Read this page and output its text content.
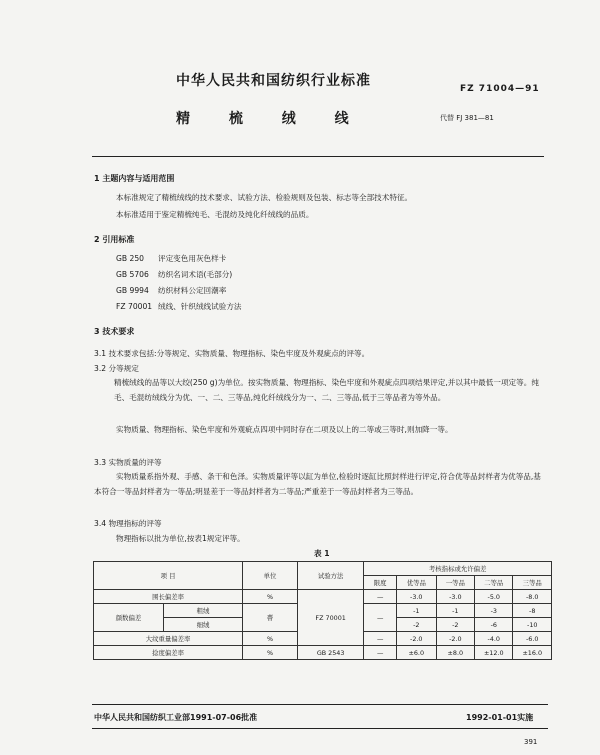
中华人民共和国纺织行业标准	FZ 71004—91
精 梳 绒 线	代替 FJ 381—81
1 主题内容与适用范围
本标准规定了精梳绒线的技术要求、试验方法、检验规则及包装、标志等全部技术特征。
本标准适用于鉴定精梳纯毛、毛混纺及纯化纤绒线的品质。
2 引用标准
GB 250 评定变色用灰色样卡
GB 5706 纺织名词术语(毛部分)
GB 9994 纺织材料公定回潮率
FZ 70001 绒线、针织绒线试验方法
3 技术要求
3.1 技术要求包括:分等规定、实物质量、物理指标、染色牢度及外观疵点的评等。
3.2 分等规定
精梳绒线的品等以大绞(250 g)为单位。按实物质量、物理指标、染色牢度和外观疵点四项结果评定,并以其中最低一项定等。纯毛、毛混纺绒线分为优、一、二、三等品,纯化纤绒线分为一、二、三等品,低于三等品者为等外品。
实物质量、物理指标、染色牢度和外观疵点四项中同时存在二项及以上的二等或三等时,则加降一等。
3.3 实物质量的评等
实物质量系指外观、手感、条干和色泽。实物质量评等以缸为单位,检验时逐缸比照封样进行评定,符合优等品封样者为优等品,基本符合一等品封样者为一等品;明显差于一等品封样者为二等品;严重差于一等品封样者为三等品。
3.4 物理指标的评等
物理指标以批为单位,按表1规定评等。
表 1
项 目		单位	试验方法	考核指标或允许偏差				
				限度	优等品	一等品	二等品	三等品
围长偏差率		%	FZ 70001	—	-3.0	-3.0	-5.0	-8.0
颜数偏差	粗绒	瞢		—	-1	-1	-3	-8
	细绒				-2	-2	-6	-10
大纹重量偏差率		%		—	-2.0	-2.0	-4.0	-6.0
捻度偏差率		%	GB 2543	—	±6.0	±8.0	±12.0	±16.0
中华人民共和国纺织工业部1991-07-06批准	1992-01-01实施
391
